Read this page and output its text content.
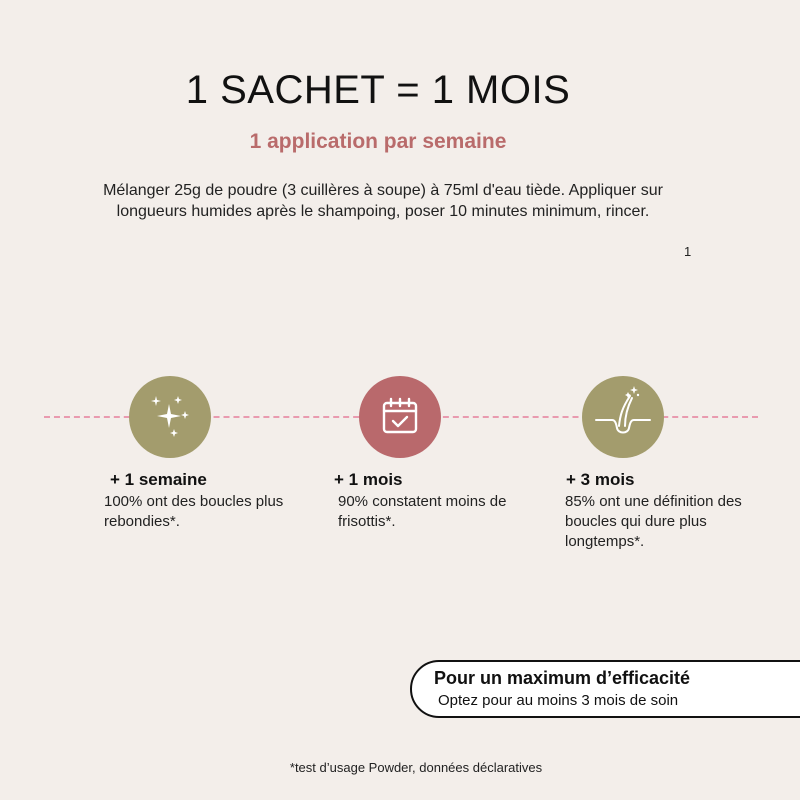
1 SACHET = 1 MOIS
1 application par semaine
Mélanger 25g de poudre (3 cuillères à soupe) à 75ml d'eau tiède. Appliquer sur longueurs humides après le shampoing, poser 10 minutes minimum, rincer.
1
+ 1 semaine
100% ont des boucles plus rebondies*.
+ 1 mois
90% constatent moins de frisottis*.
+ 3 mois
85% ont une définition des boucles qui dure plus longtemps*.
Pour un maximum d’efficacité
Optez pour au moins 3 mois de soin
*test d’usage Powder, données déclaratives
